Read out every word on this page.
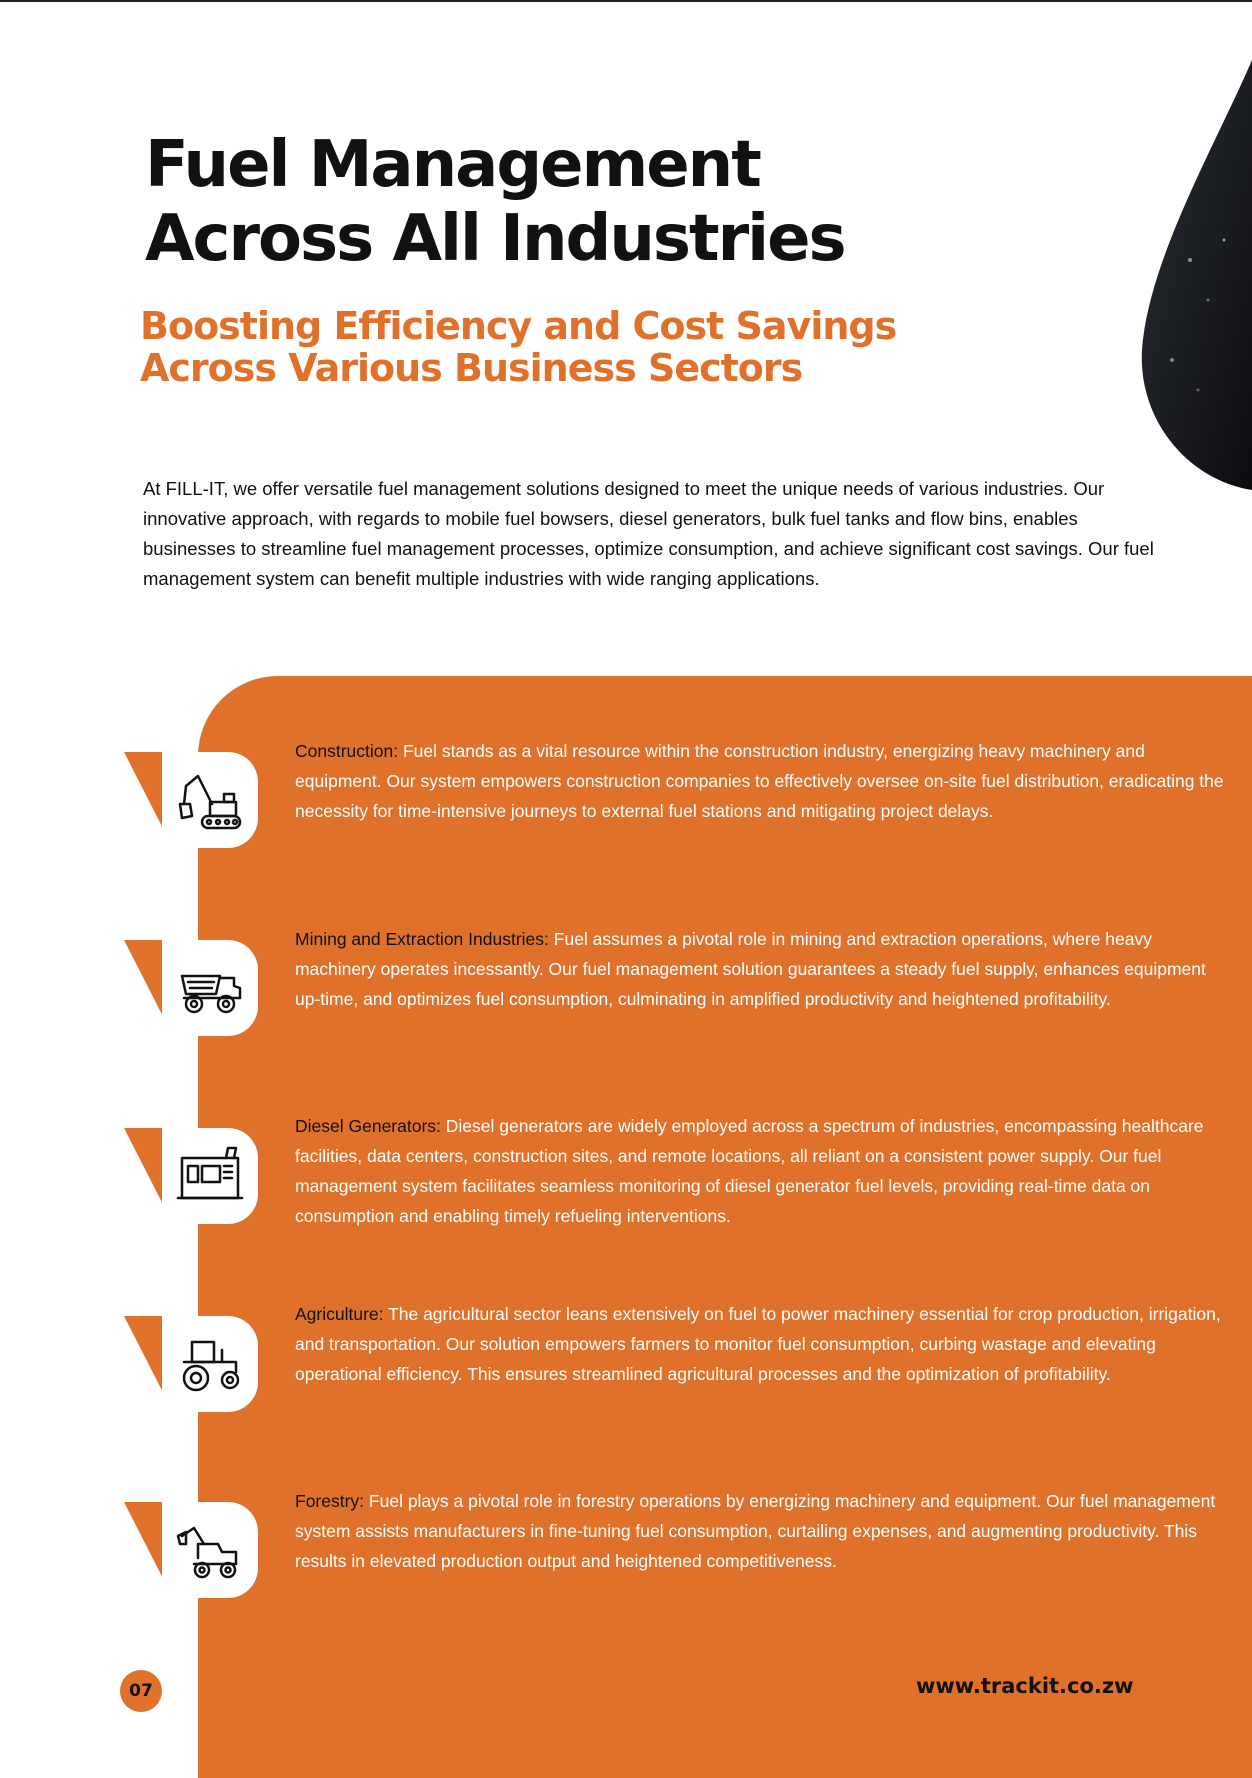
Fuel Management Across All Industries
Boosting Efficiency and Cost Savings Across Various Business Sectors

At FILL-IT, we offer versatile fuel management solutions designed to meet the unique needs of various industries. Our innovative approach, with regards to mobile fuel bowsers, diesel generators, bulk fuel tanks and flow bins, enables businesses to streamline fuel management processes, optimize consumption, and achieve significant cost savings. Our fuel management system can benefit multiple industries with wide ranging applications.

Construction: Fuel stands as a vital resource within the construction industry, energizing heavy machinery and equipment. Our system empowers construction companies to effectively oversee on-site fuel distribution, eradicating the necessity for time-intensive journeys to external fuel stations and mitigating project delays.

Mining and Extraction Industries: Fuel assumes a pivotal role in mining and extraction operations, where heavy machinery operates incessantly. Our fuel management solution guarantees a steady fuel supply, enhances equipment up-time, and optimizes fuel consumption, culminating in amplified productivity and heightened profitability.

Diesel Generators: Diesel generators are widely employed across a spectrum of industries, encompassing healthcare facilities, data centers, construction sites, and remote locations, all reliant on a consistent power supply. Our fuel management system facilitates seamless monitoring of diesel generator fuel levels, providing real-time data on consumption and enabling timely refueling interventions.

Agriculture: The agricultural sector leans extensively on fuel to power machinery essential for crop production, irrigation, and transportation. Our solution empowers farmers to monitor fuel consumption, curbing wastage and elevating operational efficiency. This ensures streamlined agricultural processes and the optimization of profitability.

Forestry: Fuel plays a pivotal role in forestry operations by energizing machinery and equipment. Our fuel management system assists manufacturers in fine-tuning fuel consumption, curtailing expenses, and augmenting productivity. This results in elevated production output and heightened competitiveness.

07	www.trackit.co.zw
